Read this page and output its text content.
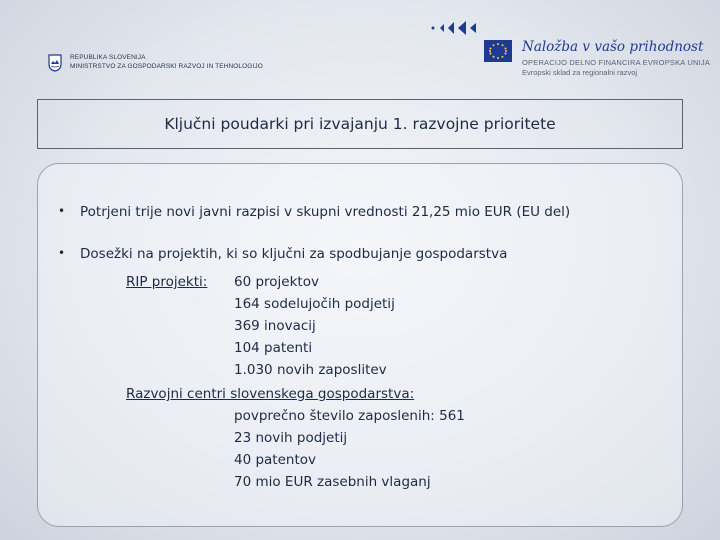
REPUBLIKA SLOVENIJA
MINISTRSTVO ZA GOSPODARSKI RAZVOJ IN TEHNOLOGIJO
Naložba v vašo prihodnost
OPERACIJO DELNO FINANCIRA EVROPSKA UNIJA
Evropski sklad za regionalni razvoj
Ključni poudarki pri izvajanju 1. razvojne prioritete
•	Potrjeni trije novi javni razpisi v skupni vrednosti 21,25 mio EUR (EU del)
•	Dosežki na projektih, ki so ključni za spodbujanje gospodarstva
RIP projekti: 60 projektov
164 sodelujočih podjetij
369 inovacij
104 patenti
1.030 novih zaposlitev
Razvojni centri slovenskega gospodarstva:
povprečno število zaposlenih: 561
23 novih podjetij
40 patentov
70 mio EUR zasebnih vlaganj
